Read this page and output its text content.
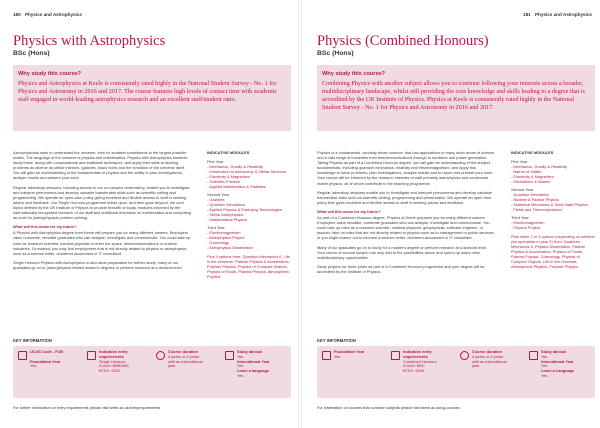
180 Physics and Astrophysics
Physics with Astrophysics
BSc (Hons)
Why study this course?
Physics and Astrophysics at Keele is consistently rated highly in the National Student Survey - No. 1 for Physics and Astronomy in 2016 and 2017. The course features high levels of contact time with academic staff engaged in world-leading astrophysics research and an excellent staff/student ratio.

Astrophysicists seek to understand the universe, from its smallest constituents to the largest possible scales. The language of the universe is physics and mathematics; Physics with Astrophysics students study these, along with computational and statistical techniques, and apply their skills to tackling problems as diverse as stellar interiors, galaxies, black holes and the evolution of the universe itself. You will gain an understanding of the fundamentals of physics and the ability to plan investigations, analyse results and present your work.

Regular laboratory sessions, including access to our on-campus observatory, enable you to investigate and interpret phenomena and develop valuable transferable skills such as scientific writing and programming. We operate an open-door policy giving excellent and flexible access to staff in seeking advice and feedback. Our Single Honours programme builds upon, and then goes beyond, the core topics defined by the UK Institute of Physics to provide breadth of study, modules informed by the internationally recognised research of our staff and additional emphasis on mathematics and computing as tools for (astro)physical problem-solving.

What will this mean for my future?

A Physics with Astrophysics degree from Keele will prepare you for many different careers. Employers value numerate, versatile graduates who can analyse, investigate and communicate. You could take up roles as research scientist, medical physicist or enter the space, telecommunications or nuclear industries. Or instead, you may find employment that is not directly related to physics or astrophysics, such as a science writer, chartered accountant or IT consultant.

Single Honours Physics with Astrophysics is also ideal preparation for further study; many of our graduates go on to (astro)physics-related master's degrees or perform research at a doctoral level.

INDICATIVE MODULES
First Year
- Mechanics, Gravity & Relativity
- Introduction to Astronomy & Stellar Structure
- Electricity & Magnetism
- Scientific Practice
- Applied Mathematics & Statistics
Second Year
- Galaxies
- Quantum Mechanics
- Applied Physics & Emerging Technologies
- Stellar Astrophysics
- Mathematical Physics
Third Year
- Electromagnetism
- Astrophysics Project
- Cosmology
- Astrophysics Dissertation
Plus 4 options from: Quantum Mechanics II, Life in the Universe, Particle Physics & Accelerators, Polymer Physics, Physics of Compact Objects, Physics of Fluids, Plasma Physics, Atmospheric Physics
KEY INFORMATION
UCAS Code - F3I5

Foundation Year
Yes
Indicative entry requirements
Single Honours
A level: BBB/ABC
BTEC: DDD
Course duration
3 years or 4 years
with an international
year
Study abroad
Yes
International Year
Yes
Learn a language
Yes
For further information on entry requirements please visit keele.ac.uk/entryrequirements
181 Physics and Astrophysics
Physics (Combined Honours)
BSc (Hons)
Why study this course?
Combining Physics with another subject allows you to continue following your interests across a broader, multidisciplinary landscape, whilst still providing the core knowledge and skills leading to a degree that is accredited by the UK Institute of Physics. Physics at Keele is consistently rated highly in the National Student Survey - No. 1 for Physics and Astronomy in 2016 and 2017.

Physics is a fundamental, curiosity-driven science, that has applications in many other areas of science and a vast range of industries from telecommunications through to medicine and power generation. Taking Physics as part of a Combined Honours degree, you will gain an understanding of the subject fundamentals, including quantum mechanics, relativity and electromagnetism, and apply this knowledge to solve problems, plan investigations, analyse results and to report and present your work. Your course will be informed by the research interests of staff primarily astrophysics and condensed matter physics, all of whom contribute to the teaching programme.

Regular laboratory sessions enable you to investigate and interpret phenomena and develop valuable transferable skills such as scientific writing, programming and presentation. We operate an open-door policy that gives excellent and flexible access to staff in seeking advice and feedback.

What will this mean for my future?

As part of a Combined Honours degree, Physics at Keele prepares you for many different careers. Employers value versatile, numerate graduates who can analyse, investigate and communicate. You could take up roles as a research scientist, medical physicist, geophysicist, software engineer, or teacher; take on roles that are not directly related to physics such as in management or public services; or you might branch out to become a science writer, chartered accountant or IT consultant.

Many of our graduates go on to study for a master's degree or perform research at a doctoral level. Your choice of second subject can only add to the possibilities above and opens up many other multidisciplinary opportunities.

Study physics for three years as part of a Combined Honours programme and your degree will be accredited by the Institute of Physics.

INDICATIVE MODULES
First Year
- Mechanics, Gravity & Relativity
- Nature of Matter
- Electricity & Magnetism
- Oscillations & Waves
Second Year
- Quantum Mechanics
- Nuclear & Particle Physics
- Statistical Mechanics & Solid State Physics
- Fields and Thermodynamics
Third Year
- Electromagnetism
- Physics Project
Plus either 2 or 3 options (depending on whether you specialise in year 3) from: Quantum Mechanics II, Physics Dissertation, Particle Physics & Accelerators, Physics of Fluids, Plasma Physics, Cosmology, Physics of Compact Objects, Life in the Universe, Atmospheric Physics, Polymer Physics
KEY INFORMATION
Foundation Year
Yes
Indicative entry requirements
Combined Honours
A level: BBC
BTEC: DDM
Course duration
3 years or 4 years
with an international
year
Study abroad
Yes
International Year
Yes
Learn a Language
Yes
For information on courses that combine subjects please visit keele.ac.uk/ug-courses
